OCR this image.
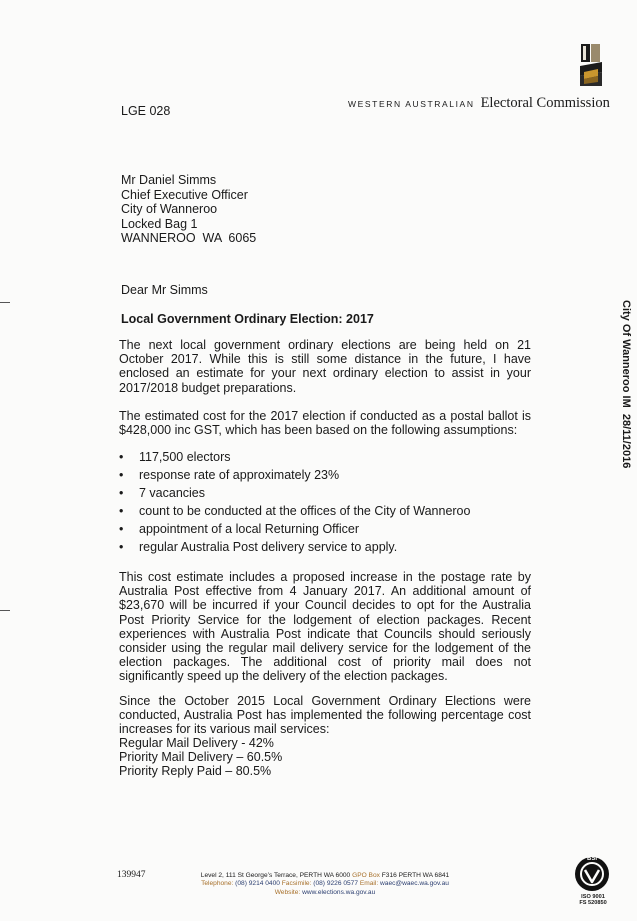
WESTERN AUSTRALIAN Electoral Commission
LGE 028
Mr Daniel Simms
Chief Executive Officer
City of Wanneroo
Locked Bag 1
WANNEROO  WA  6065
Dear Mr Simms
Local Government Ordinary Election: 2017
The next local government ordinary elections are being held on 21 October 2017. While this is still some distance in the future, I have enclosed an estimate for your next ordinary election to assist in your 2017/2018 budget preparations.
The estimated cost for the 2017 election if conducted as a postal ballot is $428,000 inc GST, which has been based on the following assumptions:
• 117,500 electors
• response rate of approximately 23%
• 7 vacancies
• count to be conducted at the offices of the City of Wanneroo
• appointment of a local Returning Officer
• regular Australia Post delivery service to apply.
This cost estimate includes a proposed increase in the postage rate by Australia Post effective from 4 January 2017. An additional amount of $23,670 will be incurred if your Council decides to opt for the Australia Post Priority Service for the lodgement of election packages. Recent experiences with Australia Post indicate that Councils should seriously consider using the regular mail delivery service for the lodgement of the election packages. The additional cost of priority mail does not significantly speed up the delivery of the election packages.
Since the October 2015 Local Government Ordinary Elections were conducted, Australia Post has implemented the following percentage cost increases for its various mail services:
Regular Mail Delivery - 42%
Priority Mail Delivery – 60.5%
Priority Reply Paid – 80.5%
City Of Wanneroo IM  28/11/2016
139947	Level 2, 111 St George’s Terrace, PERTH WA 6000 GPO Box F316 PERTH WA 6841
Telephone: (08) 9214 0400 Facsimile: (08) 9226 0577 Email: waec@waec.wa.gov.au
Website: www.elections.wa.gov.au
BSI
ISO 9001
FS 520850
